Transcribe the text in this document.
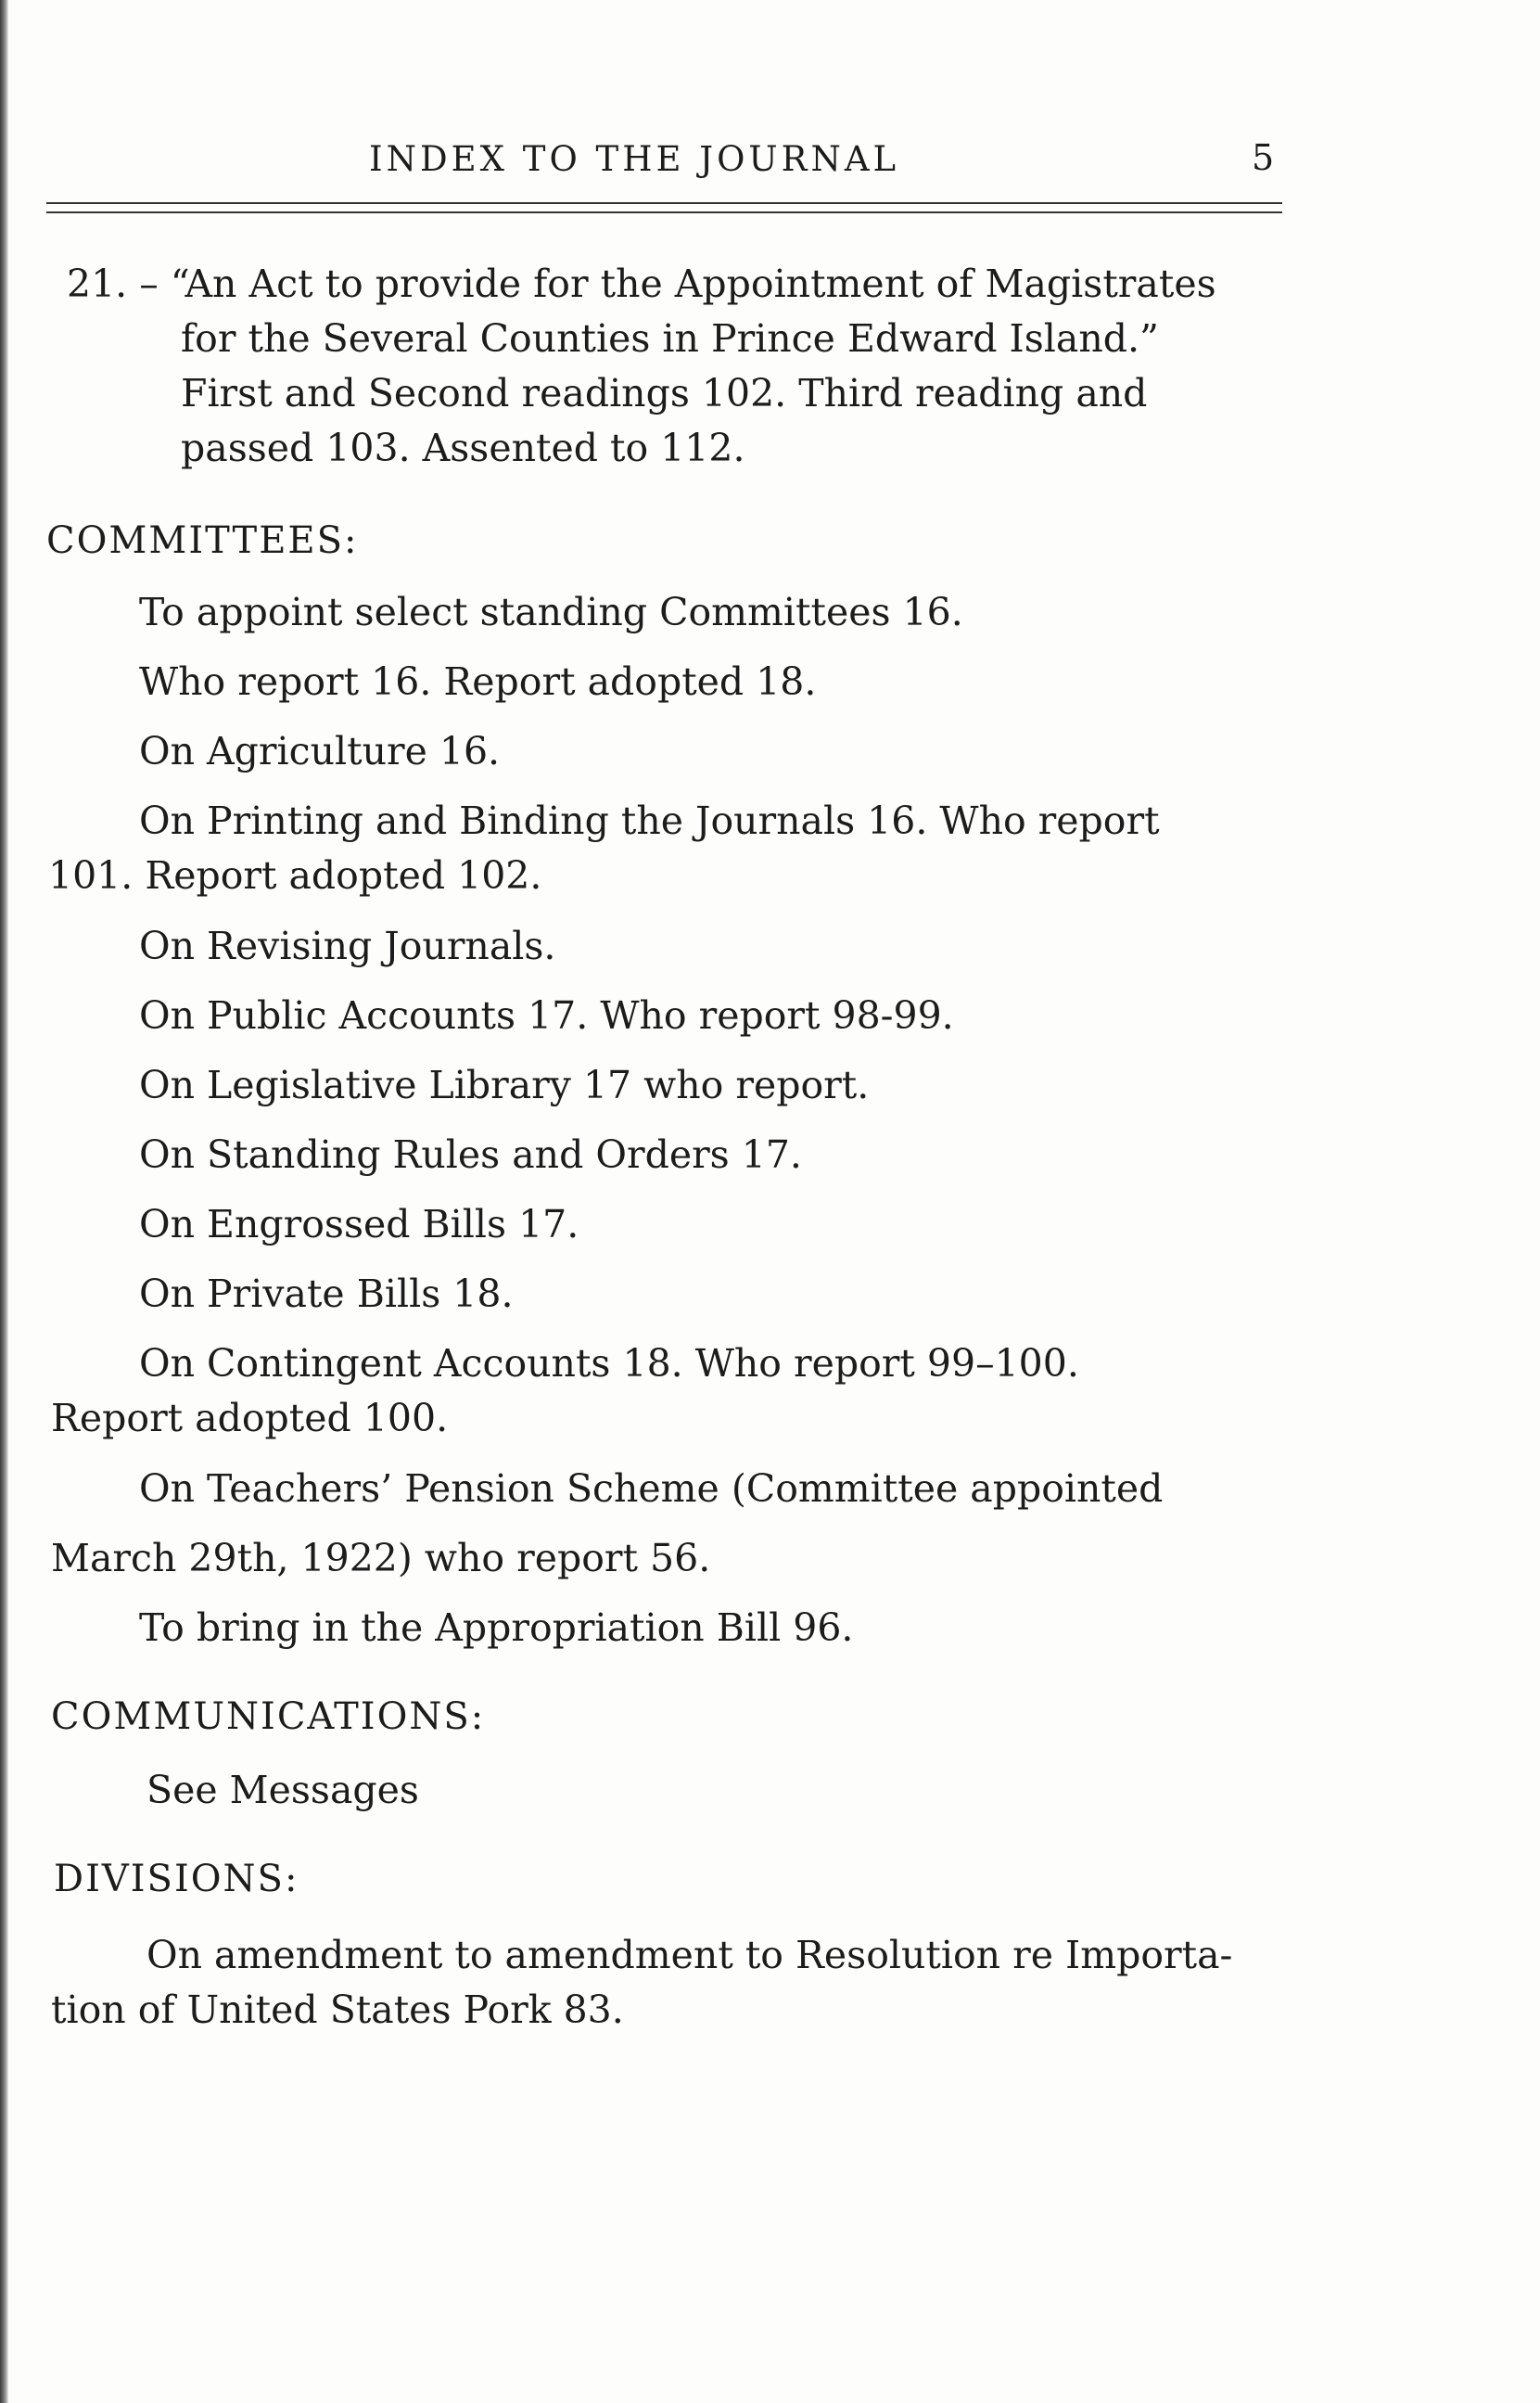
INDEX TO THE JOURNAL	5
21. – “An Act to provide for the Appointment of Magistrates
for the Several Counties in Prince Edward Island.”
First and Second readings 102. Third reading and
passed 103. Assented to 112.
COMMITTEES:
To appoint select standing Committees 16.
Who report 16. Report adopted 18.
On Agriculture 16.
On Printing and Binding the Journals 16. Who report
101. Report adopted 102.
On Revising Journals.
On Public Accounts 17. Who report 98-99.
On Legislative Library 17 who report.
On Standing Rules and Orders 17.
On Engrossed Bills 17.
On Private Bills 18.
On Contingent Accounts 18. Who report 99–100.
Report adopted 100.
On Teachers’ Pension Scheme (Committee appointed
March 29th, 1922) who report 56.
To bring in the Appropriation Bill 96.
COMMUNICATIONS:
See Messages
DIVISIONS:
On amendment to amendment to Resolution re Importa-
tion of United States Pork 83.
